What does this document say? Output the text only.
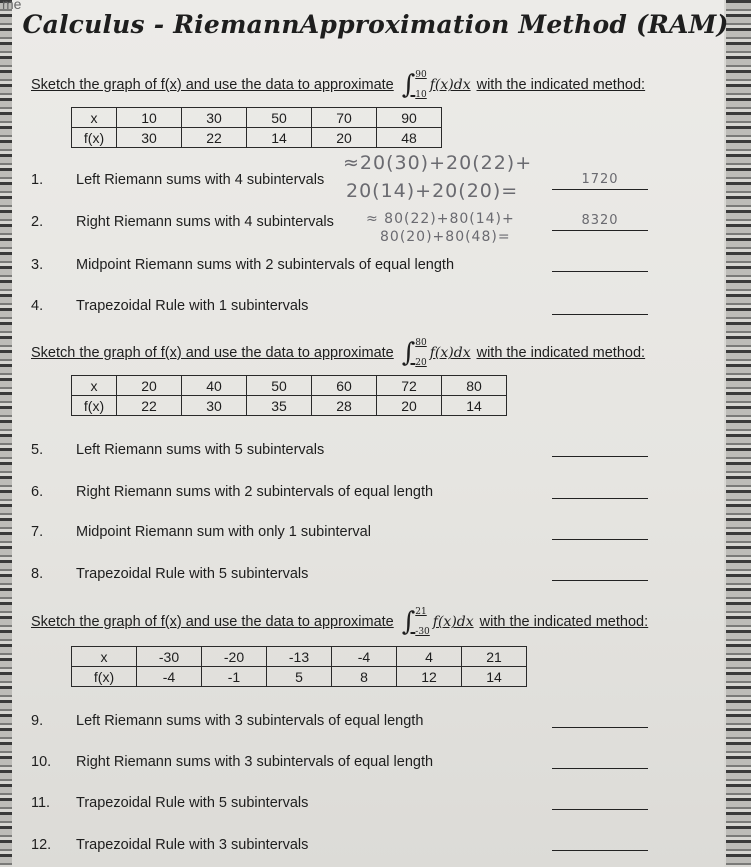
me
Calculus - RiemannApproximation Method (RAM)
Sketch the graph of f(x) and use the data to approximate ∫ 90
10
f(x)dx with the indicated method:
x	10	30	50	70	90
f(x)	30	22	14	20	48
1.	Left Riemann sums with 4 subintervals
≈20(30)+20(22)+
20(14)+20(20)=
1720
2.	Right Riemann sums with 4 subintervals	≈ 80(22)+80(14)+
80(20)+80(48)=
8320
3.	Midpoint Riemann sums with 2 subintervals of equal length
4.	Trapezoidal Rule with 1 subintervals
Sketch the graph of f(x) and use the data to approximate ∫ 80
20
f(x)dx with the indicated method:
x	20	40	50	60	72	80
f(x)	22	30	35	28	20	14
5.	Left Riemann sums with 5 subintervals
6.	Right Riemann sums with 2 subintervals of equal length
7.	Midpoint Riemann sum with only 1 subinterval
8.	Trapezoidal Rule with 5 subintervals
Sketch the graph of f(x) and use the data to approximate ∫ 21
-30
f(x)dx with the indicated method:
x	-30	-20	-13	-4	4	21
f(x)	-4	-1	5	8	12	14
9.	Left Riemann sums with 3 subintervals of equal length
10.	Right Riemann sums with 3 subintervals of equal length
11.	Trapezoidal Rule with 5 subintervals
12.	Trapezoidal Rule with 3 subintervals
